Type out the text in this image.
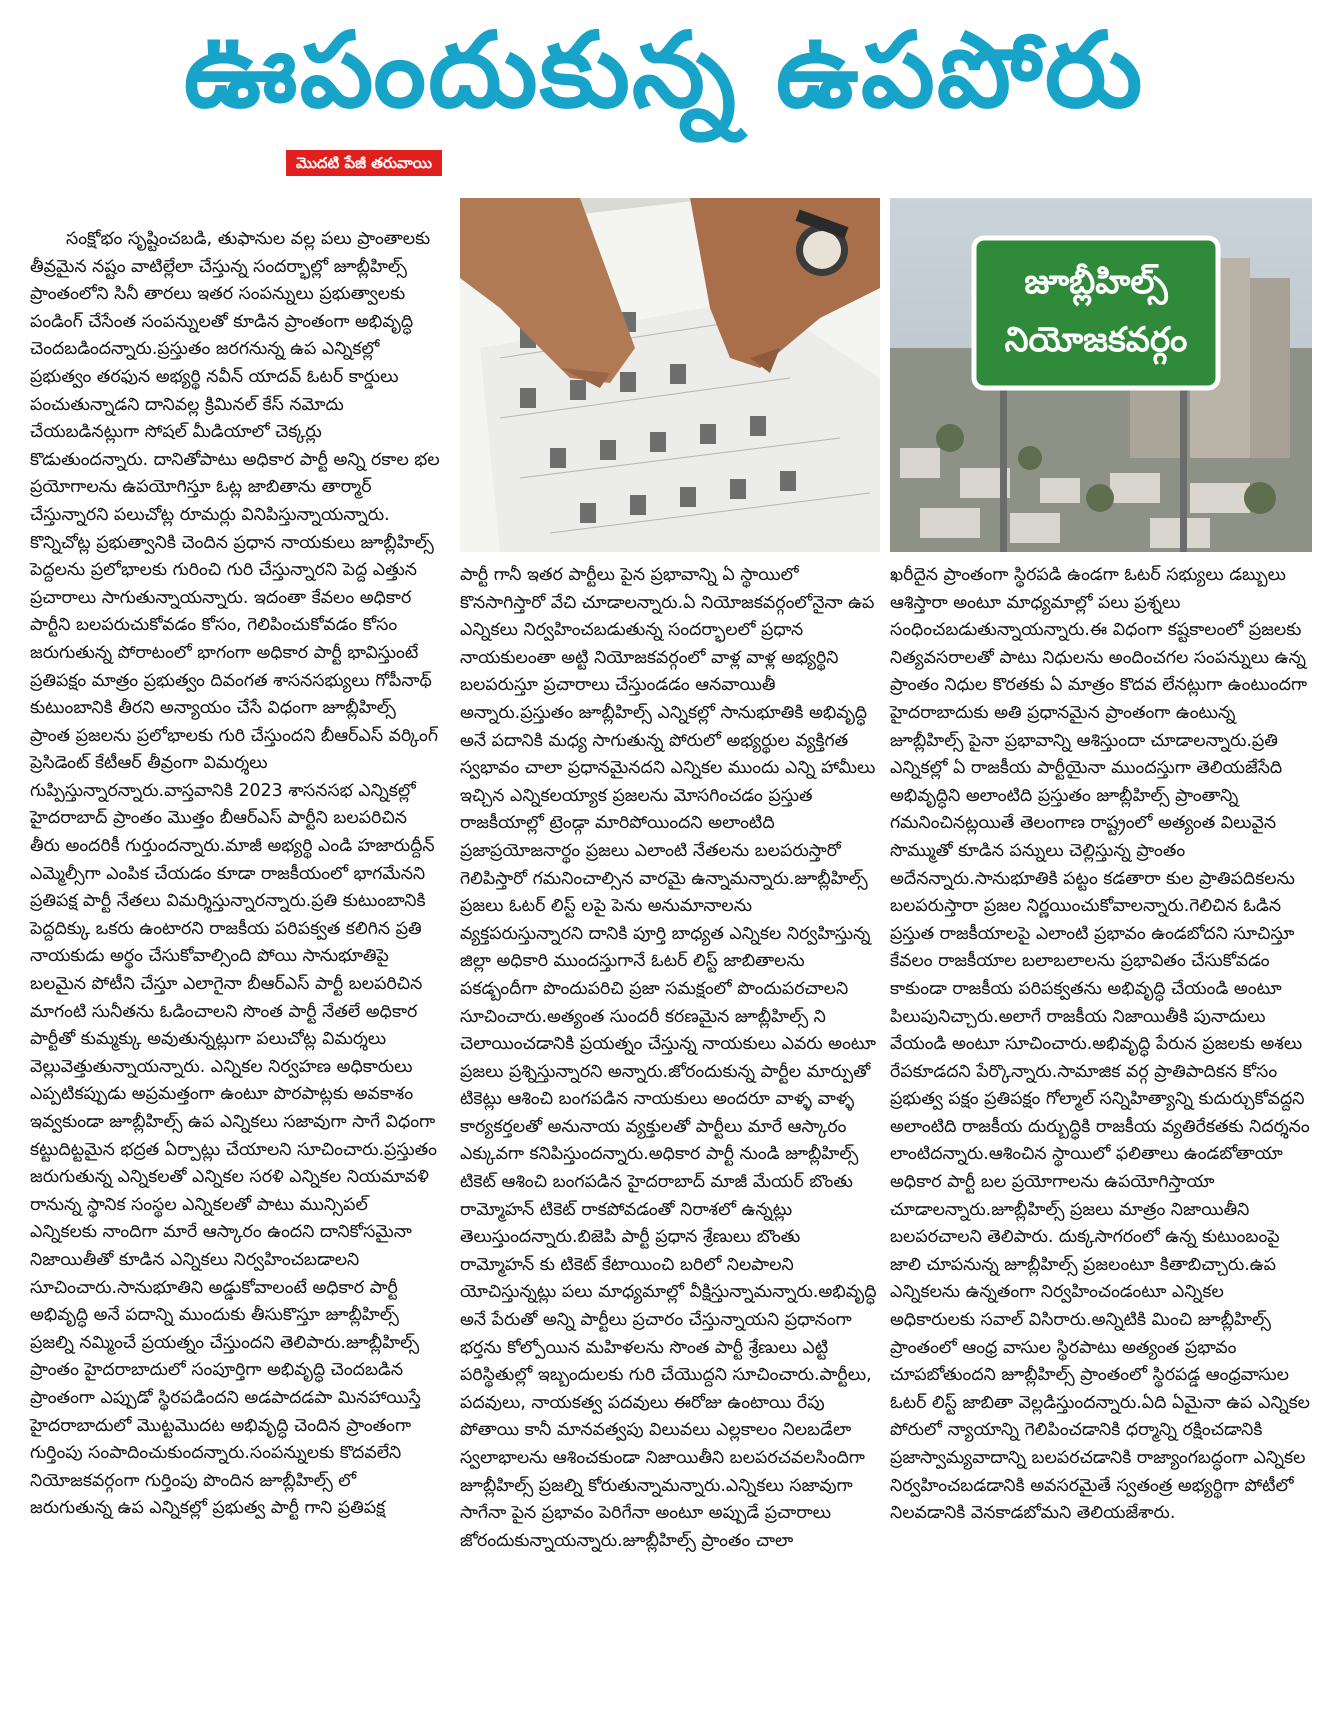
ఊపందుకున్న ఉపపోరు
మొదటి పేజీ తరువాయి
సంక్షోభం సృష్టించబడి, తుఫానుల వల్ల పలు ప్రాంతాలకు తీవ్రమైన నష్టం వాటిల్లేలా చేస్తున్న సందర్భాల్లో జూబ్లీహిల్స్ ప్రాంతంలోని సినీ తారలు ఇతర సంపన్నులు ప్రభుత్వాలకు పండింగ్ చేసేంత సంపన్నులతో కూడిన ప్రాంతంగా అభివృద్ధి చెందబడిందన్నారు.ప్రస్తుతం జరగనున్న ఉప ఎన్నికల్లో ప్రభుత్వం తరఫున అభ్యర్థి నవీన్ యాదవ్ ఓటర్ కార్డులు పంచుతున్నాడని దానివల్ల క్రిమినల్ కేస్ నమోదు చేయబడినట్లుగా సోషల్ మీడియాలో చెక్కర్లు కొడుతుందన్నారు. దానితోపాటు అధికార పార్టీ అన్ని రకాల భల ప్రయోగాలను ఉపయోగిస్తూ ఓట్ల జాబితాను తార్మార్ చేస్తున్నారని పలుచోట్ల రూమర్లు వినిపిస్తున్నాయన్నారు. కొన్నిచోట్ల ప్రభుత్వానికి చెందిన ప్రధాన నాయకులు జూబ్లీహిల్స్ పెద్దలను ప్రలోభాలకు గురించి గురి చేస్తున్నారని పెద్ద ఎత్తున ప్రచారాలు సాగుతున్నాయన్నారు. ఇదంతా కేవలం అధికార పార్టీని బలపరుచుకోవడం కోసం, గెలిపించుకోవడం కోసం జరుగుతున్న పోరాటంలో భాగంగా అధికార పార్టీ భావిస్తుంటే ప్రతిపక్షం మాత్రం ప్రభుత్వం దివంగత శాసనసభ్యులు గోపీనాథ్ కుటుంబానికి తీరని అన్యాయం చేసే విధంగా జూబ్లీహిల్స్ ప్రాంత ప్రజలను ప్రలోభాలకు గురి చేస్తుందని బీఆర్ఎస్ వర్కింగ్ ప్రెసిడెంట్ కేటీఆర్ తీవ్రంగా విమర్శలు గుప్పిస్తున్నారన్నారు.వాస్తవానికి 2023 శాసనసభ ఎన్నికల్లో హైదరాబాద్ ప్రాంతం మొత్తం బీఆర్ఎస్ పార్టీని బలపరిచిన తీరు అందరికీ గుర్తుందన్నారు.మాజీ అభ్యర్థి ఎండి హజారుద్దీన్ ఎమ్మెల్సీగా ఎంపిక చేయడం కూడా రాజకీయంలో భాగమేనని ప్రతిపక్ష పార్టీ నేతలు విమర్శిస్తున్నారన్నారు.ప్రతి కుటుంబానికి పెద్దదిక్కు ఒకరు ఉంటారని రాజకీయ పరిపక్వత కలిగిన ప్రతి నాయకుడు అర్థం చేసుకోవాల్సింది పోయి సానుభూతిపై బలమైన పోటీని చేస్తూ ఎలాగైనా బీఆర్ఎస్ పార్టీ బలపరిచిన మాగంటి సునీతను ఓడించాలని సొంత పార్టీ నేతలే అధికార పార్టీతో కుమ్మక్కు అవుతున్నట్లుగా పలుచోట్ల విమర్శలు వెల్లువెత్తుతున్నాయన్నారు. ఎన్నికల నిర్వహణ అధికారులు ఎప్పటికప్పుడు అప్రమత్తంగా ఉంటూ పొరపాట్లకు అవకాశం ఇవ్వకుండా జూబ్లీహిల్స్ ఉప ఎన్నికలు సజావుగా సాగే విధంగా కట్టుదిట్టమైన భద్రత ఏర్పాట్లు చేయాలని సూచించారు.ప్రస్తుతం జరుగుతున్న ఎన్నికలతో ఎన్నికల సరళి ఎన్నికల నియమావళి రానున్న స్థానిక సంస్థల ఎన్నికలతో పాటు మున్సిపల్ ఎన్నికలకు నాందిగా మారే ఆస్కారం ఉందని దానికోసమైనా నిజాయితీతో కూడిన ఎన్నికలు నిర్వహించబడాలని సూచించారు.సానుభూతిని అడ్డుకోవాలంటే అధికార పార్టీ అభివృద్ధి అనే పదాన్ని ముందుకు తీసుకొస్తూ జూబ్లీహిల్స్ ప్రజల్ని నమ్మించే ప్రయత్నం చేస్తుందని తెలిపారు.జూబ్లీహిల్స్ ప్రాంతం హైదరాబాదులో సంపూర్తిగా అభివృద్ధి చెందబడిన ప్రాంతంగా ఎప్పుడో స్థిరపడిందని అడపాదడపా మినహాయిస్తే హైదరాబాదులో మొట్టమొదట అభివృద్ధి చెందిన ప్రాంతంగా గుర్తింపు సంపాదించుకుందన్నారు.సంపన్నులకు కొదవలేని నియోజకవర్గంగా గుర్తింపు పొందిన జూబ్లీహిల్స్ లో జరుగుతున్న ఉప ఎన్నికల్లో ప్రభుత్వ పార్టీ గాని ప్రతిపక్ష
జూబ్లీహిల్స్
నియోజకవర్గం
పార్టీ గానీ ఇతర పార్టీలు పైన ప్రభావాన్ని ఏ స్థాయిలో కొనసాగిస్తారో వేచి చూడాలన్నారు.ఏ నియోజకవర్గంలోనైనా ఉప ఎన్నికలు నిర్వహించబడుతున్న సందర్భాలలో ప్రధాన నాయకులంతా అట్టి నియోజకవర్గంలో వాళ్ల వాళ్ల అభ్యర్థిని బలపరుస్తూ ప్రచారాలు చేస్తుండడం ఆనవాయితీ అన్నారు.ప్రస్తుతం జూబ్లీహిల్స్ ఎన్నికల్లో సానుభూతికి అభివృద్ధి అనే పదానికి మధ్య సాగుతున్న పోరులో అభ్యర్థుల వ్యక్తిగత స్వభావం చాలా ప్రధానమైనదని ఎన్నికల ముందు ఎన్ని హామీలు ఇచ్చిన ఎన్నికలయ్యాక ప్రజలను మోసగించడం ప్రస్తుత రాజకీయాల్లో ట్రెండ్గా మారిపోయిందని అలాంటిది ప్రజాప్రయోజనార్థం ప్రజలు ఎలాంటి నేతలను బలపరుస్తారో గెలిపిస్తారో గమనించాల్సిన వారమై ఉన్నామన్నారు.జూబ్లీహిల్స్ ప్రజలు ఓటర్ లిస్ట్ లపై పెను అనుమానాలను వ్యక్తపరుస్తున్నారని దానికి పూర్తి బాధ్యత ఎన్నికల నిర్వహిస్తున్న జిల్లా అధికారి ముందస్తుగానే ఓటర్ లిస్ట్ జాబితాలను పకడ్బందీగా పొందుపరిచి ప్రజా సమక్షంలో పొందుపరచాలని సూచించారు.అత్యంత సుందరీ కరణమైన జూబ్లీహిల్స్ ని చెలాయించడానికి ప్రయత్నం చేస్తున్న నాయకులు ఎవరు అంటూ ప్రజలు ప్రశ్నిస్తున్నారని అన్నారు.జోరందుకున్న పార్టీల మార్పుతో టికెట్లు ఆశించి బంగపడిన నాయకులు అందరూ వాళ్ళ వాళ్ళ కార్యకర్తలతో అనునాయ వ్యక్తులతో పార్టీలు మారే ఆస్కారం ఎక్కువగా కనిపిస్తుందన్నారు.అధికార పార్టీ నుండి జూబ్లీహిల్స్ టికెట్ ఆశించి బంగపడిన హైదరాబాద్ మాజీ మేయర్ బొంతు రామ్మోహన్ టికెట్ రాకపోవడంతో నిరాశలో ఉన్నట్లు తెలుస్తుందన్నారు.బిజెపి పార్టీ ప్రధాన శ్రేణులు బొంతు రామ్మోహన్ కు టికెట్ కేటాయించి బరిలో నిలపాలని యోచిస్తున్నట్లు పలు మాధ్యమాల్లో వీక్షిస్తున్నామన్నారు.అభివృద్ధి అనే పేరుతో అన్ని పార్టీలు ప్రచారం చేస్తున్నాయని ప్రధానంగా భర్తను కోల్పోయిన మహిళలను సొంత పార్టీ శ్రేణులు ఎట్టి పరిస్థితుల్లో ఇబ్బందులకు గురి చేయొద్దని సూచించారు.పార్టీలు, పదవులు, నాయకత్వ పదవులు ఈరోజు ఉంటాయి రేపు పోతాయి కానీ మానవత్వపు విలువలు ఎల్లకాలం నిలబడేలా స్వలాభాలను ఆశించకుండా నిజాయితీని బలపరచవలసిందిగా జూబ్లీహిల్స్ ప్రజల్ని కోరుతున్నామన్నారు.ఎన్నికలు సజావుగా సాగేనా పైన ప్రభావం పెరిగేనా అంటూ అప్పుడే ప్రచారాలు జోరందుకున్నాయన్నారు.జూబ్లీహిల్స్ ప్రాంతం చాలా
ఖరీదైన ప్రాంతంగా స్థిరపడి ఉండగా ఓటర్ సభ్యులు డబ్బులు ఆశిస్తారా అంటూ మాధ్యమాల్లో పలు ప్రశ్నలు సంధించబడుతున్నాయన్నారు.ఈ విధంగా కష్టకాలంలో ప్రజలకు నిత్యవసరాలతో పాటు నిధులను అందించగల సంపన్నులు ఉన్న ప్రాంతం నిధుల కొరతకు ఏ మాత్రం కొదవ లేనట్లుగా ఉంటుందగా హైదరాబాదుకు అతి ప్రధానమైన ప్రాంతంగా ఉంటున్న జూబ్లీహిల్స్ పైనా ప్రభావాన్ని ఆశిస్తుందా చూడాలన్నారు.ప్రతి ఎన్నికల్లో ఏ రాజకీయ పార్టీయైనా ముందస్తుగా తెలియజేసేది అభివృద్ధిని అలాంటిది ప్రస్తుతం జూబ్లీహిల్స్ ప్రాంతాన్ని గమనించినట్లయితే తెలంగాణ రాష్ట్రంలో అత్యంత విలువైన సొమ్ముతో కూడిన పన్నులు చెల్లిస్తున్న ప్రాంతం అదేనన్నారు.సానుభూతికి పట్టం కడతారా కుల ప్రాతిపదికలను బలపరుస్తారా ప్రజల నిర్ణయించుకోవాలన్నారు.గెలిచిన ఓడిన ప్రస్తుత రాజకీయాలపై ఎలాంటి ప్రభావం ఉండబోదని సూచిస్తూ కేవలం రాజకీయాల బలాబలాలను ప్రభావితం చేసుకోవడం కాకుండా రాజకీయ పరిపక్వతను అభివృద్ధి చేయండి అంటూ పిలుపునిచ్చారు.అలాగే రాజకీయ నిజాయితీకి పునాదులు వేయండి అంటూ సూచించారు.అభివృద్ధి పేరున ప్రజలకు అశలు రేపకూడదని పేర్కొన్నారు.సామాజిక వర్గ ప్రాతిపాదికన కోసం ప్రభుత్వ పక్షం ప్రతిపక్షం గోల్మాల్ సన్నిహిత్యాన్ని కుదుర్చుకోవద్దని అలాంటిది రాజకీయ దుర్బుద్ధికి రాజకీయ వ్యతిరేకతకు నిదర్శనం లాంటిదన్నారు.ఆశించిన స్థాయిలో ఫలితాలు ఉండబోతాయా అధికార పార్టీ బల ప్రయోగాలను ఉపయోగిస్తాయా చూడాలన్నారు.జూబ్లీహిల్స్ ప్రజలు మాత్రం నిజాయితీని బలపరచాలని తెలిపారు. దుక్కసాగరంలో ఉన్న కుటుంబంపై జాలి చూపనున్న జూబ్లీహిల్స్ ప్రజలంటూ కితాబిచ్చారు.ఉప ఎన్నికలను ఉన్నతంగా నిర్వహించండంటూ ఎన్నికల అధికారులకు సవాల్ విసిరారు.అన్నిటికి మించి జూబ్లీహిల్స్ ప్రాంతంలో ఆంధ్ర వాసుల స్థిరపాటు అత్యంత ప్రభావం చూపబోతుందని జూబ్లీహిల్స్ ప్రాంతంలో స్థిరపడ్డ ఆంధ్రవాసుల ఓటర్ లిస్ట్ జాబితా వెల్లడిస్తుందన్నారు.ఏది ఏమైనా ఉప ఎన్నికల పోరులో న్యాయాన్ని గెలిపించడానికి ధర్మాన్ని రక్షించడానికి ప్రజాస్వామ్యవాదాన్ని బలపరచడానికి రాజ్యాంగబద్ధంగా ఎన్నికల నిర్వహించబడడానికి అవసరమైతే స్వతంత్ర అభ్యర్థిగా పోటీలో నిలవడానికి వెనకాడబోమని తెలియజేశారు.
